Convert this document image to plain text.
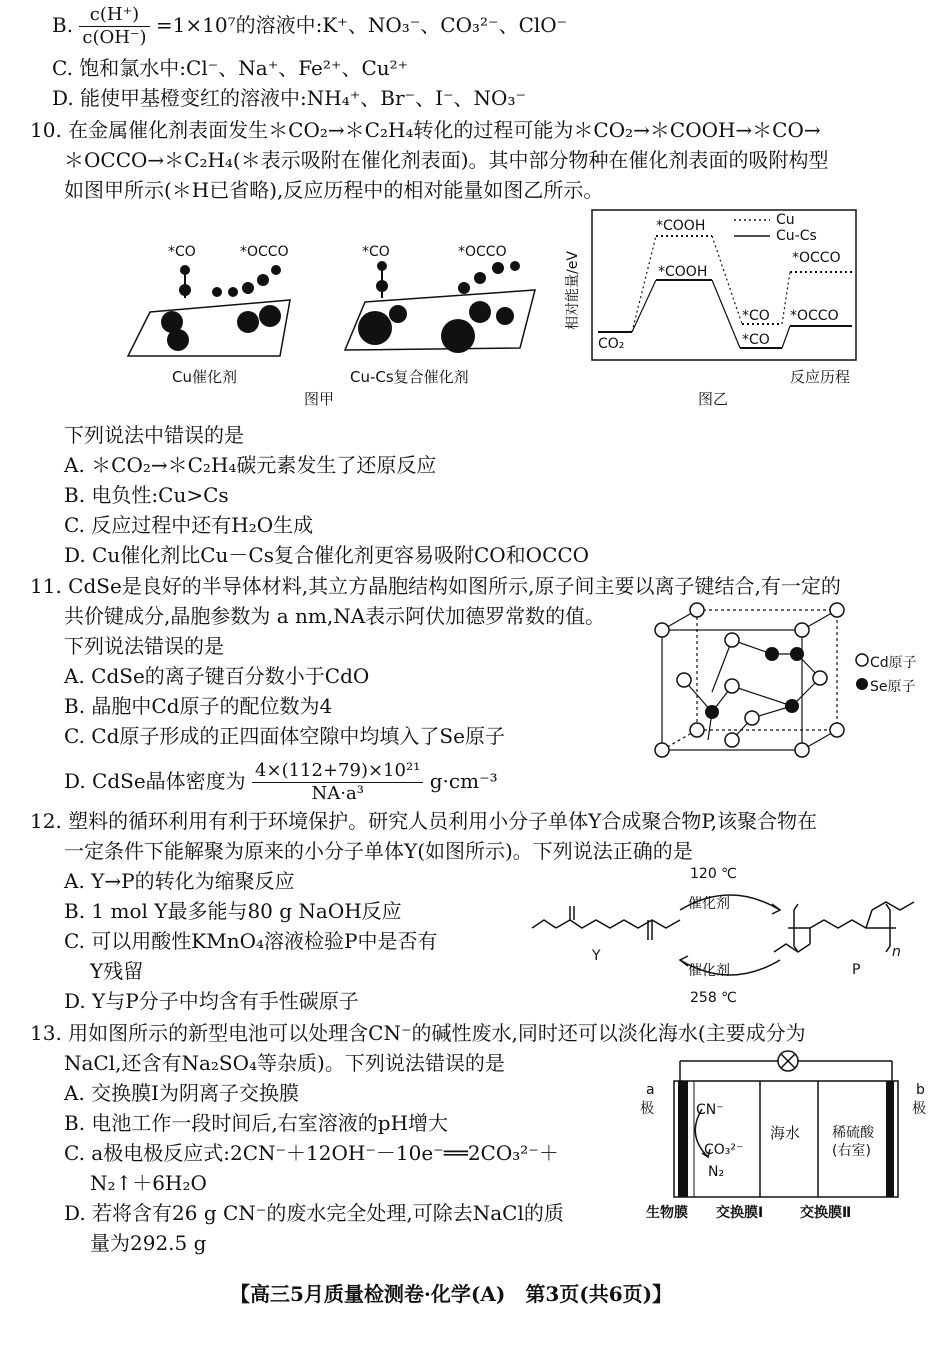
B. $\frac{c(H^+)}{c(OH^-)} =1\times 10^7$的溶液中:K⁺、NO₃⁻、CO₃²⁻、ClO⁻
C. 饱和氯水中:Cl⁻、Na⁺、Fe²⁺、Cu²⁺
D. 能使甲基橙变红的溶液中:NH₄⁺、Br⁻、I⁻、NO₃⁻
10. 在金属催化剂表面发生＊CO₂→＊C₂H₄转化的过程可能为＊CO₂→＊COOH→＊CO→
＊OCCO→＊C₂H₄(＊表示吸附在催化剂表面)。其中部分物种在催化剂表面的吸附构型
如图甲所示(＊H已省略),反应历程中的相对能量如图乙所示。
*CO	*OCCO	*CO	*OCCO
Cu催化剂	Cu-Cs复合催化剂
图甲
Cu
Cu-Cs
*COOH
*COOH
CO₂
*CO
*CO
*OCCO
*OCCO
相对能量/eV
反应历程
图乙
下列说法中错误的是
A. ＊CO₂→＊C₂H₄碳元素发生了还原反应
B. 电负性:Cu>Cs
C. 反应过程中还有H₂O生成
D. Cu催化剂比Cu－Cs复合催化剂更容易吸附CO和OCCO
11. CdSe是良好的半导体材料,其立方晶胞结构如图所示,原子间主要以离子键结合,有一定的
共价键成分,晶胞参数为 a nm,NA表示阿伏加德罗常数的值。
下列说法错误的是
A. CdSe的离子键百分数小于CdO
B. 晶胞中Cd原子的配位数为4
C. Cd原子形成的正四面体空隙中均填入了Se原子
D. CdSe晶体密度为 $\frac{\text{4×(112+79)×10²¹}}{\text{NA·a³}} g\cdot cm^{-3}$
Cd原子
Se原子
12. 塑料的循环利用有利于环境保护。研究人员利用小分子单体Y合成聚合物P,该聚合物在
一定条件下能解聚为原来的小分子单体Y(如图所示)。下列说法正确的是
A. Y→P的转化为缩聚反应
B. 1 mol Y最多能与80 g NaOH反应
C. 可以用酸性KMnO₄溶液检验P中是否有
Y残留
D. Y与P分子中均含有手性碳原子
120 ℃
催化剂
催化剂
258 ℃
Y
P
n
13. 用如图所示的新型电池可以处理含CN⁻的碱性废水,同时还可以淡化海水(主要成分为
NaCl,还含有Na₂SO₄等杂质)。下列说法错误的是
A. 交换膜Ⅰ为阴离子交换膜
B. 电池工作一段时间后,右室溶液的pH增大
C. a极电极反应式:2CN⁻＋12OH⁻－10e⁻══2CO₃²⁻＋
N₂↑＋6H₂O
D. 若将含有26 g CN⁻的废水完全处理,可除去NaCl的质
量为292.5 g
a
极
b
极
CN⁻
CO₃²⁻
N₂
海水 稀硫酸
(右室)
生物膜 交换膜Ⅰ	交换膜Ⅱ
【高三5月质量检测卷·化学(A)　第3页(共6页)】
